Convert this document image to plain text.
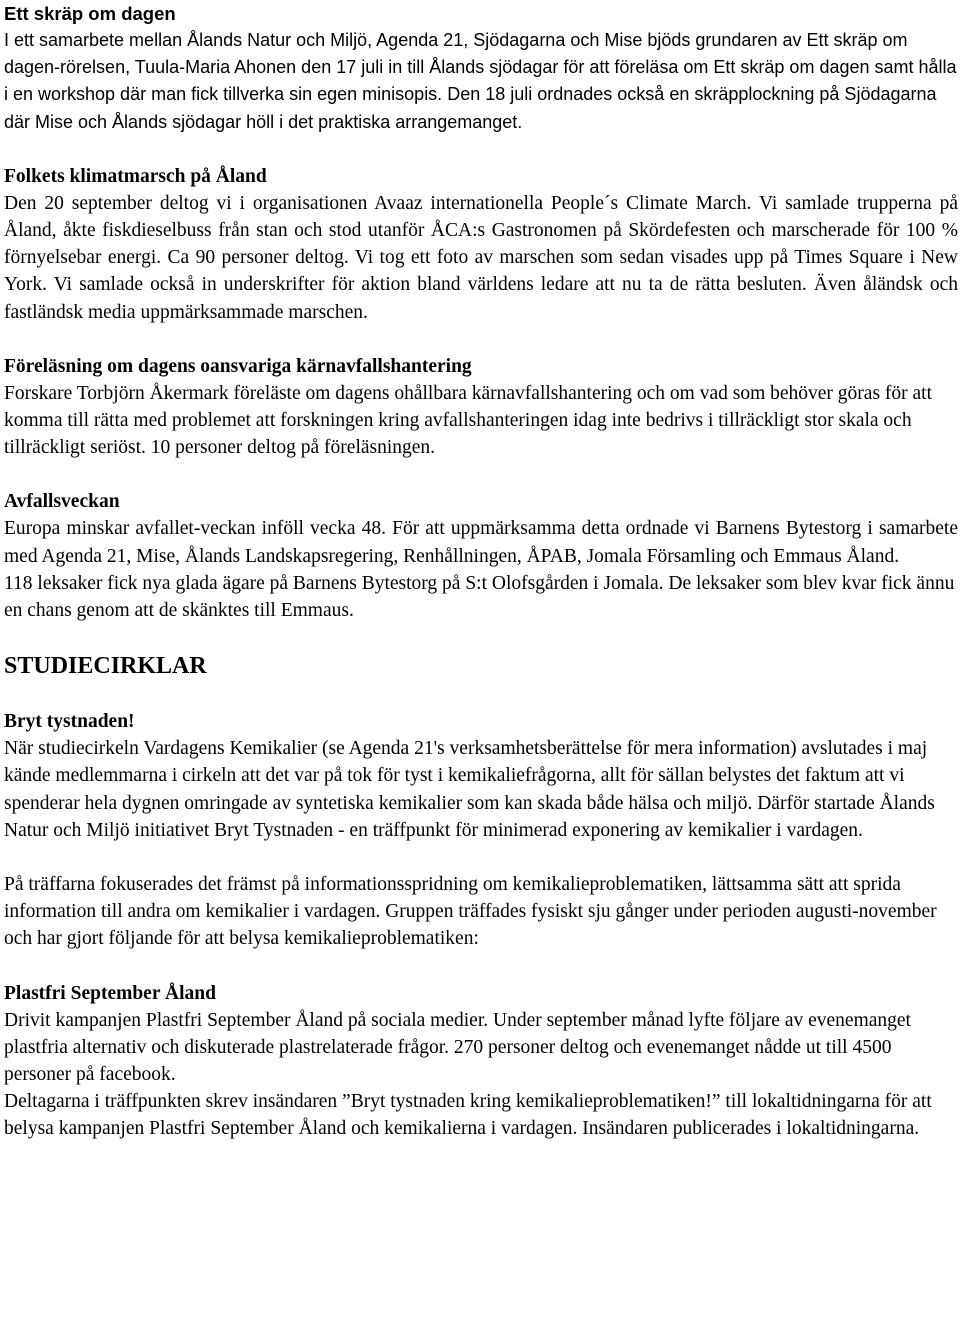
Ett skräp om dagen

I ett samarbete mellan Ålands Natur och Miljö, Agenda 21, Sjödagarna och Mise bjöds grundaren av Ett skräp om dagen-rörelsen, Tuula-Maria Ahonen den 17 juli in till Ålands sjödagar för att föreläsa om Ett skräp om dagen samt hålla i en workshop där man fick tillverka sin egen minisopis. Den 18 juli ordnades också en skräpplockning på Sjödagarna där Mise och Ålands sjödagar höll i det praktiska arrangemanget.

Folkets klimatmarsch på Åland

Den 20 september deltog vi i organisationen Avaaz internationella People´s Climate March. Vi samlade trupperna på Åland, åkte fiskdieselbuss från stan och stod utanför ÅCA:s Gastronomen på Skördefesten och marscherade för 100 % förnyelsebar energi. Ca 90 personer deltog. Vi tog ett foto av marschen som sedan visades upp på Times Square i New York. Vi samlade också in underskrifter för aktion bland världens ledare att nu ta de rätta besluten. Även åländsk och fastländsk media uppmärksammade marschen.

Föreläsning om dagens oansvariga kärnavfallshantering

Forskare Torbjörn Åkermark föreläste om dagens ohållbara kärnavfallshantering och om vad som behöver göras för att komma till rätta med problemet att forskningen kring avfallshanteringen idag inte bedrivs i tillräckligt stor skala och tillräckligt seriöst. 10 personer deltog på föreläsningen.

Avfallsveckan

Europa minskar avfallet-veckan inföll vecka 48. För att uppmärksamma detta ordnade vi Barnens Bytestorg i samarbete med Agenda 21, Mise, Ålands Landskapsregering, Renhållningen, ÅPAB, Jomala Församling och Emmaus Åland.

118 leksaker fick nya glada ägare på Barnens Bytestorg på S:t Olofsgården i Jomala. De leksaker som blev kvar fick ännu en chans genom att de skänktes till Emmaus.

STUDIECIRKLAR
Bryt tystnaden!

När studiecirkeln Vardagens Kemikalier (se Agenda 21's verksamhetsberättelse för mera information) avslutades i maj kände medlemmarna i cirkeln att det var på tok för tyst i kemikaliefrågorna, allt för sällan belystes det faktum att vi spenderar hela dygnen omringade av syntetiska kemikalier som kan skada både hälsa och miljö. Därför startade Ålands Natur och Miljö initiativet Bryt Tystnaden - en träffpunkt för minimerad exponering av kemikalier i vardagen.

På träffarna fokuserades det främst på informationsspridning om kemikalieproblematiken, lättsamma sätt att sprida information till andra om kemikalier i vardagen. Gruppen träffades fysiskt sju gånger under perioden augusti-november och har gjort följande för att belysa kemikalieproblematiken:

Plastfri September Åland

Drivit kampanjen Plastfri September Åland på sociala medier. Under september månad lyfte följare av evenemanget plastfria alternativ och diskuterade plastrelaterade frågor. 270 personer deltog och evenemanget nådde ut till 4500 personer på facebook.

Deltagarna i träffpunkten skrev insändaren ”Bryt tystnaden kring kemikalieproblematiken!” till lokaltidningarna för att belysa kampanjen Plastfri September Åland och kemikalierna i vardagen. Insändaren publicerades i lokaltidningarna.
